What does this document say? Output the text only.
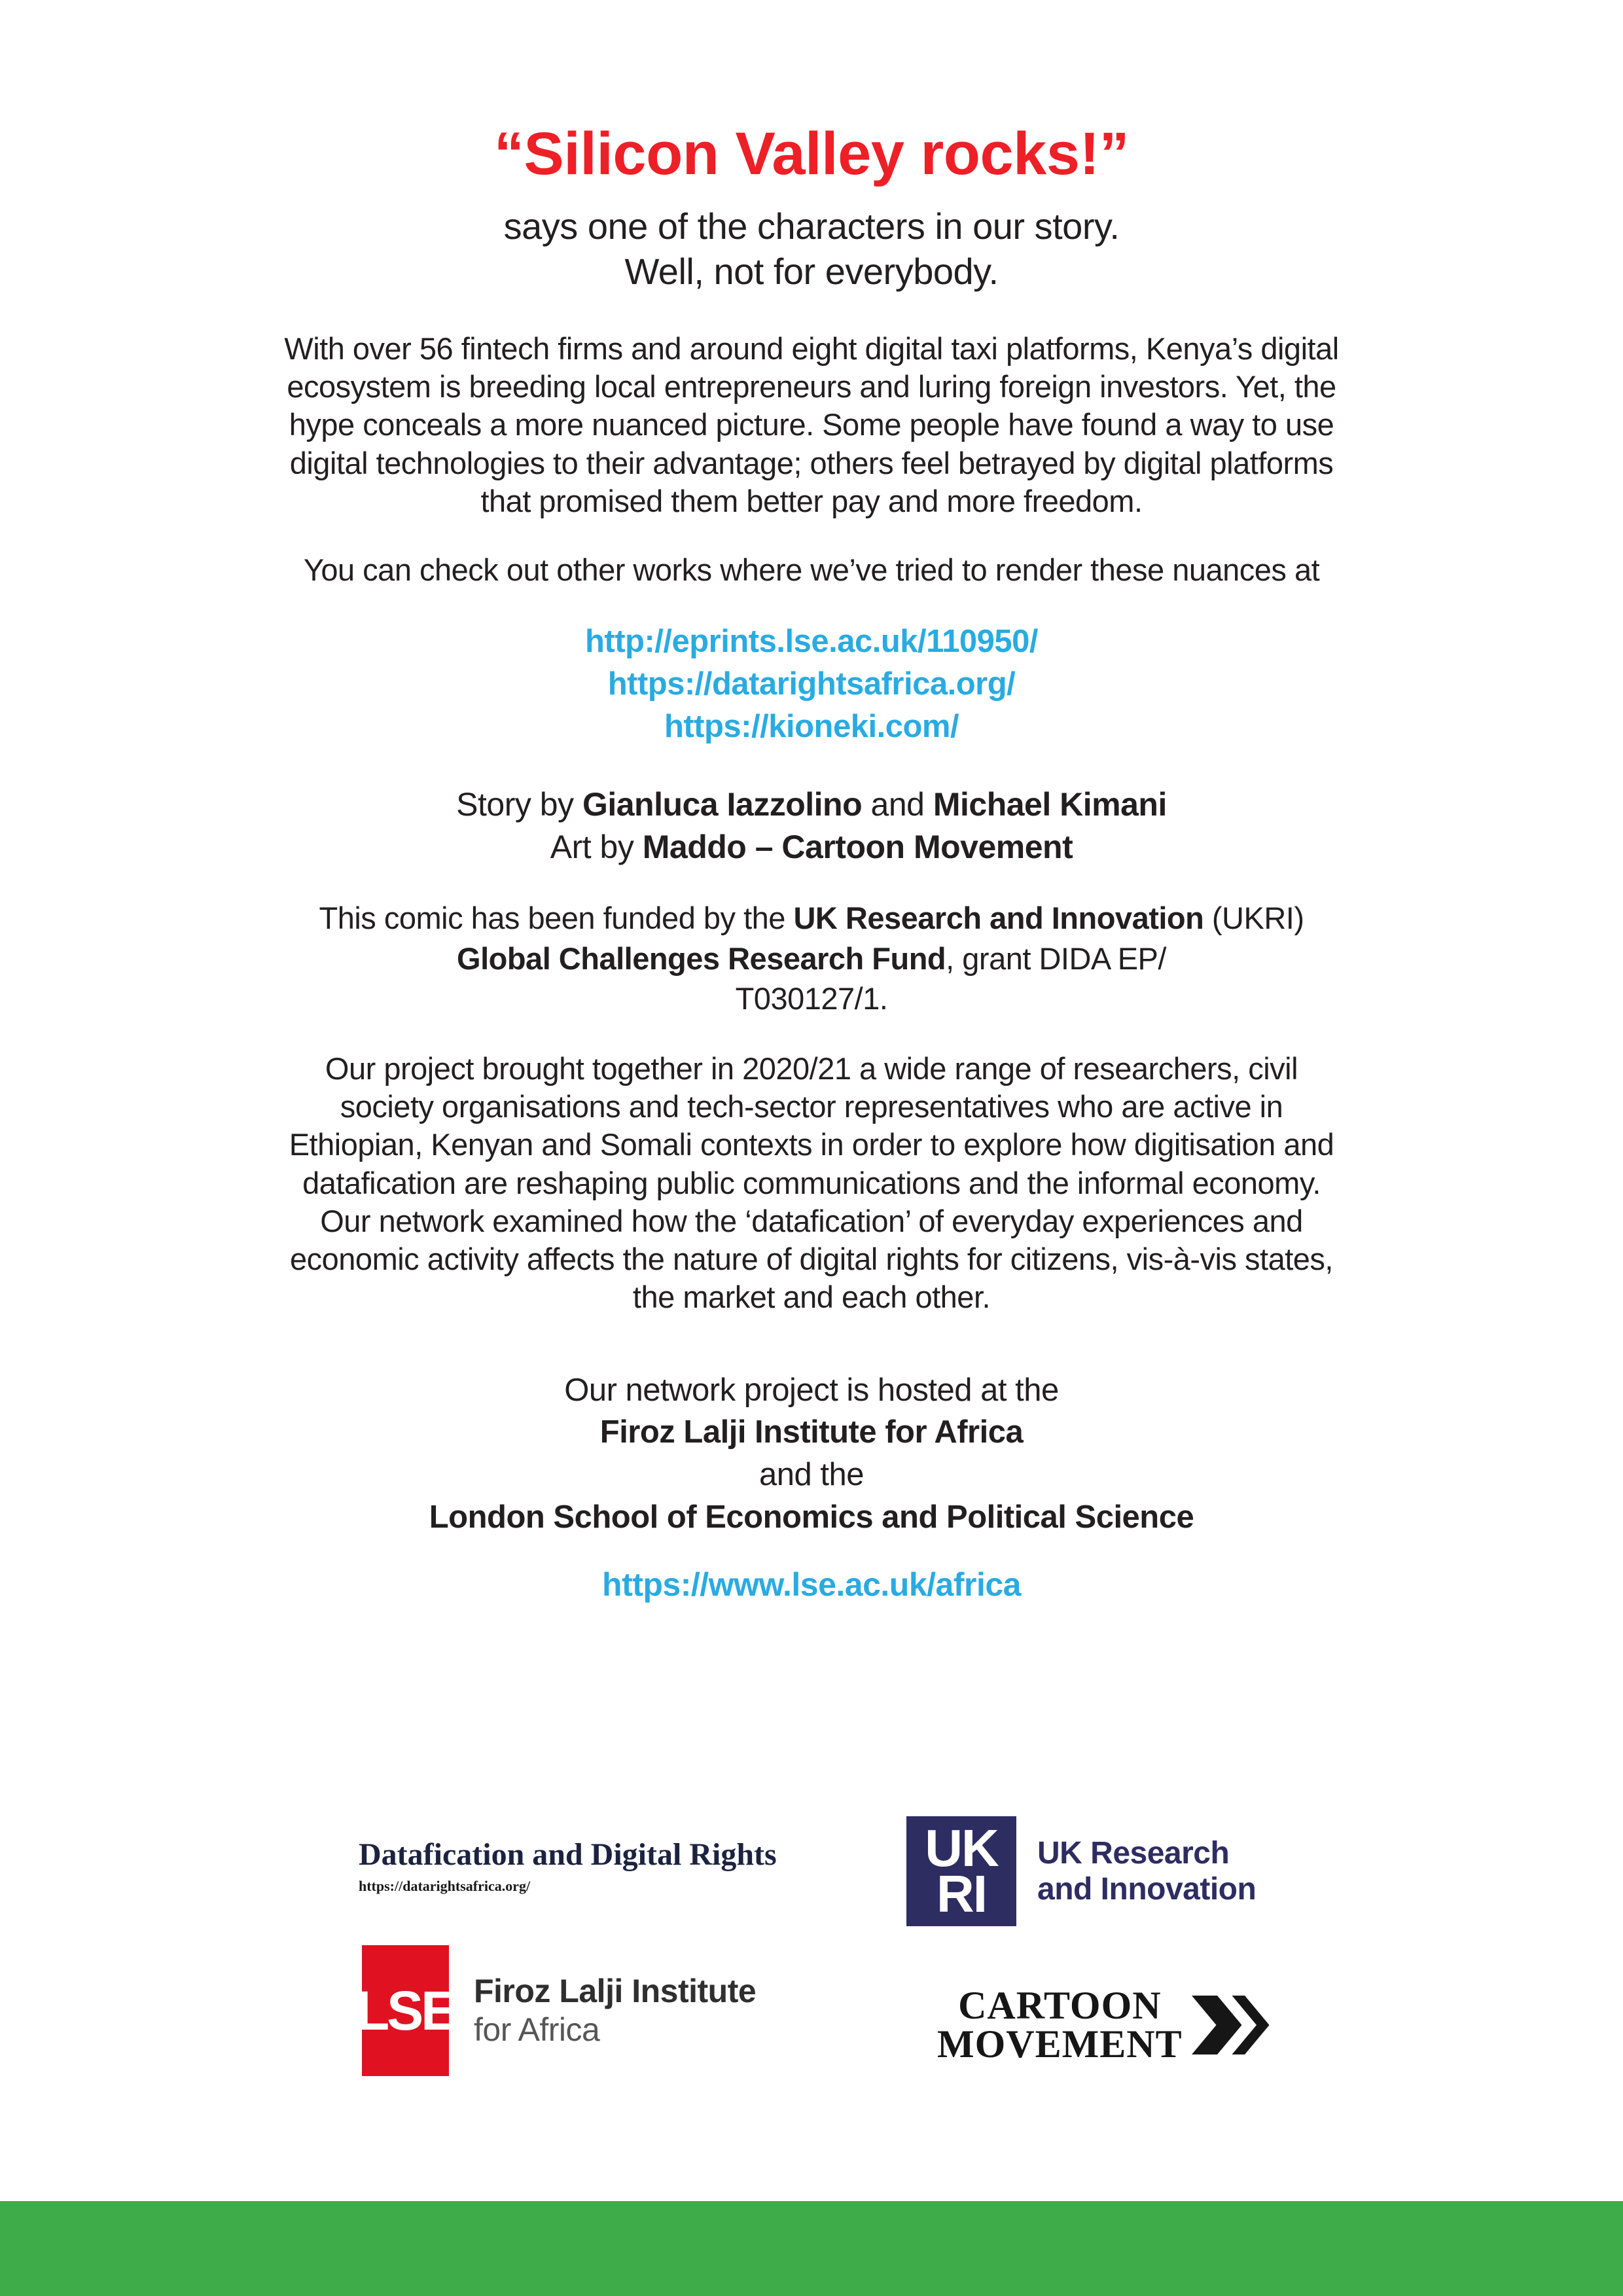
“Silicon Valley rocks!”
says one of the characters in our story.
Well, not for everybody.

With over 56 fintech firms and around eight digital taxi platforms, Kenya’s digital ecosystem is breeding local entrepreneurs and luring foreign investors. Yet, the hype conceals a more nuanced picture. Some people have found a way to use digital technologies to their advantage; others feel betrayed by digital platforms that promised them better pay and more freedom.

You can check out other works where we’ve tried to render these nuances at

http://eprints.lse.ac.uk/110950/
https://datarightsafrica.org/
https://kioneki.com/
Story by Gianluca Iazzolino and Michael Kimani
Art by Maddo – Cartoon Movement

This comic has been funded by the UK Research and Innovation (UKRI) Global Challenges Research Fund, grant DIDA EP/
T030127/1.

Our project brought together in 2020/21 a wide range of researchers, civil society organisations and tech-sector representatives who are active in Ethiopian, Kenyan and Somali contexts in order to explore how digitisation and datafication are reshaping public communications and the informal economy. Our network examined how the ‘datafication’ of everyday experiences and economic activity affects the nature of digital rights for citizens, vis-à-vis states, the market and each other.

Our network project is hosted at the
Firoz Lalji Institute for Africa
and the
London School of Economics and Political Science
https://www.lse.ac.uk/africa
Datafication and Digital Rights
https://datarightsafrica.org/
UK
RI
UK Research
and Innovation
LSE Firoz Lalji Institute
for Africa
CARTOON
MOVEMENT
